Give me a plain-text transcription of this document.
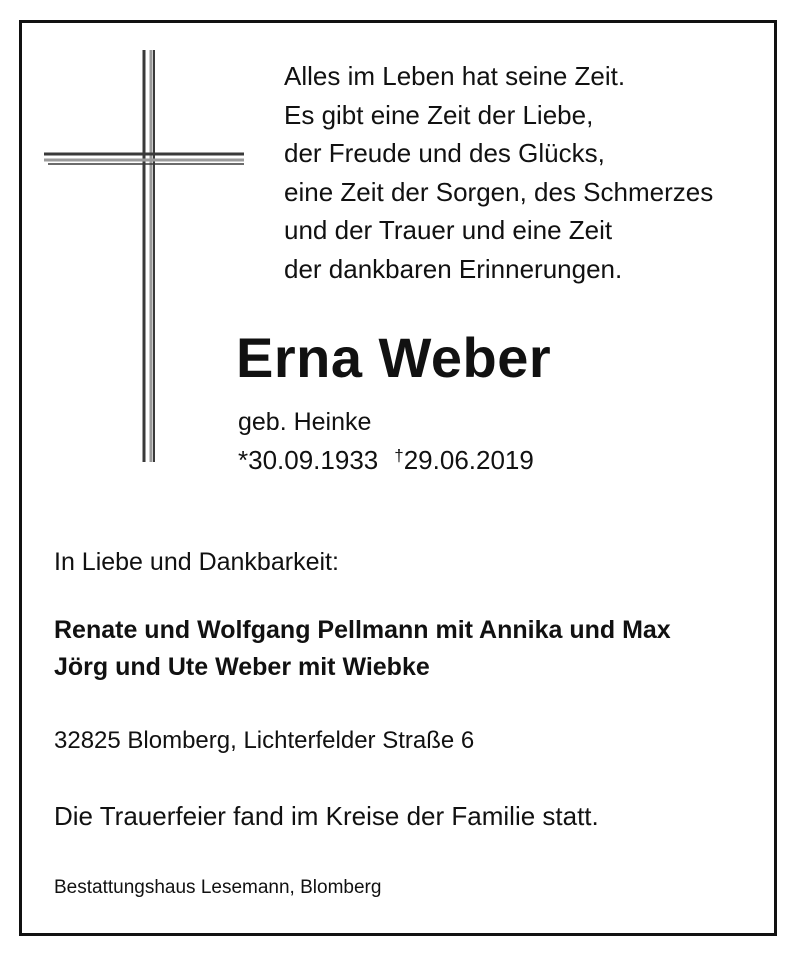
Alles im Leben hat seine Zeit.
Es gibt eine Zeit der Liebe,
der Freude und des Glücks,
eine Zeit der Sorgen, des Schmerzes
und der Trauer und eine Zeit
der dankbaren Erinnerungen.
Erna Weber
geb. Heinke
*30.09.1933 †29.06.2019
In Liebe und Dankbarkeit:
Renate und Wolfgang Pellmann mit Annika und Max
Jörg und Ute Weber mit Wiebke
32825 Blomberg, Lichterfelder Straße 6
Die Trauerfeier fand im Kreise der Familie statt.
Bestattungshaus Lesemann, Blomberg
